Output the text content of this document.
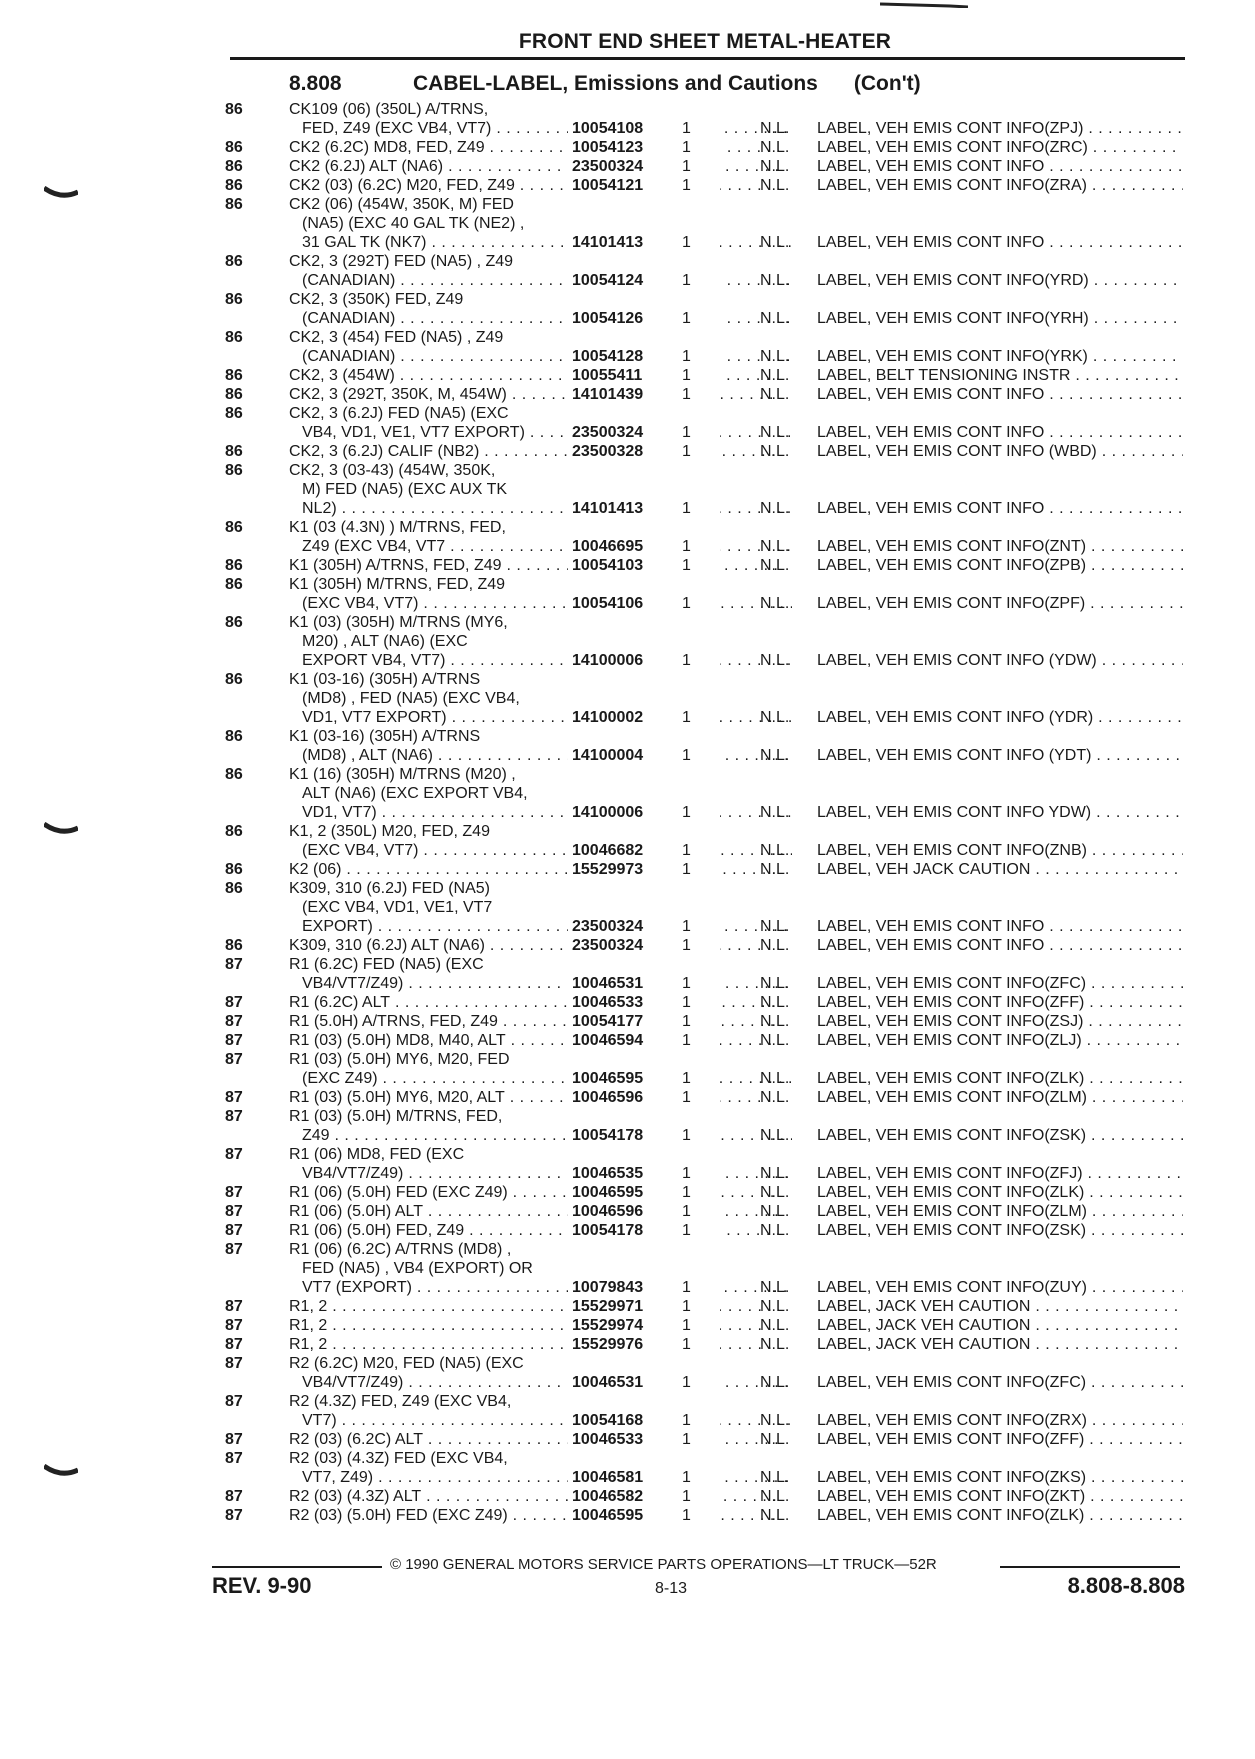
FRONT END SHEET METAL-HEATER
8.808	CABEL-LABEL, Emissions and Cautions (Con't)
86	CK109 (06) (350L) A/TRNS,
FED, Z49 (EXC VB4, VT7) . . .	10054108	1	N.L. LABEL, VEH EMIS CONT INFO(ZPJ) . . .
86	CK2 (6.2C) MD8, FED, Z49 . . .	10054123	1	N.L. LABEL, VEH EMIS CONT INFO(ZRC) . . .
86	CK2 (6.2J) ALT (NA6) . . .	23500324	1	N.L. LABEL, VEH EMIS CONT INFO . . .
86	CK2 (03) (6.2C) M20, FED, Z49 . . .	10054121	1	N.L. LABEL, VEH EMIS CONT INFO(ZRA) . . .
86	CK2 (06) (454W, 350K, M) FED
(NA5) (EXC 40 GAL TK (NE2) ,
31 GAL TK (NK7) . . .	14101413	1	N.L. LABEL, VEH EMIS CONT INFO . . .
86	CK2, 3 (292T) FED (NA5) , Z49
(CANADIAN) . . .	10054124	1	N.L. LABEL, VEH EMIS CONT INFO(YRD) . . .
86	CK2, 3 (350K) FED, Z49
(CANADIAN) . . .	10054126	1	N.L. LABEL, VEH EMIS CONT INFO(YRH) . . .
86	CK2, 3 (454) FED (NA5) , Z49
(CANADIAN) . . .	10054128	1	N.L. LABEL, VEH EMIS CONT INFO(YRK) . . .
86	CK2, 3 (454W) . . .	10055411	1	N.L. LABEL, BELT TENSIONING INSTR . . .
86	CK2, 3 (292T, 350K, M, 454W) . . .	14101439	1	N.L. LABEL, VEH EMIS CONT INFO . . .
86	CK2, 3 (6.2J) FED (NA5) (EXC
VB4, VD1, VE1, VT7 EXPORT) . . .	23500324	1	N.L. LABEL, VEH EMIS CONT INFO . . .
86	CK2, 3 (6.2J) CALIF (NB2) . . .	23500328	1	N.L. LABEL, VEH EMIS CONT INFO (WBD) . . .
86	CK2, 3 (03-43) (454W, 350K,
M) FED (NA5) (EXC AUX TK
NL2) . . .	14101413	1	N.L. LABEL, VEH EMIS CONT INFO . . .
86	K1 (03 (4.3N) ) M/TRNS, FED,
Z49 (EXC VB4, VT7 . . .	10046695	1	N.L. LABEL, VEH EMIS CONT INFO(ZNT) . . .
86	K1 (305H) A/TRNS, FED, Z49 . . .	10054103	1	N.L. LABEL, VEH EMIS CONT INFO(ZPB) . . .
86	K1 (305H) M/TRNS, FED, Z49
(EXC VB4, VT7) . . .	10054106	1	N.L. LABEL, VEH EMIS CONT INFO(ZPF) . . .
86	K1 (03) (305H) M/TRNS (MY6,
M20) , ALT (NA6) (EXC
EXPORT VB4, VT7) . . .	14100006	1	N.L. LABEL, VEH EMIS CONT INFO (YDW) . . .
86	K1 (03-16) (305H) A/TRNS
(MD8) , FED (NA5) (EXC VB4,
VD1, VT7 EXPORT) . . .	14100002	1	N.L. LABEL, VEH EMIS CONT INFO (YDR) . . .
86	K1 (03-16) (305H) A/TRNS
(MD8) , ALT (NA6) . . .	14100004	1	N.L. LABEL, VEH EMIS CONT INFO (YDT) . . .
86	K1 (16) (305H) M/TRNS (M20) ,
ALT (NA6) (EXC EXPORT VB4,
VD1, VT7) . . .	14100006	1	N.L. LABEL, VEH EMIS CONT INFO YDW) . . .
86	K1, 2 (350L) M20, FED, Z49
(EXC VB4, VT7) . . .	10046682	1	N.L. LABEL, VEH EMIS CONT INFO(ZNB) . . .
86	K2 (06) . . .	15529973	1	N.L. LABEL, VEH JACK CAUTION . . .
86	K309, 310 (6.2J) FED (NA5)
(EXC VB4, VD1, VE1, VT7
EXPORT) . . .	23500324	1	N.L. LABEL, VEH EMIS CONT INFO . . .
86	K309, 310 (6.2J) ALT (NA6) . . .	23500324	1	N.L. LABEL, VEH EMIS CONT INFO . . .
87	R1 (6.2C) FED (NA5) (EXC
VB4/VT7/Z49) . . .	10046531	1	N.L. LABEL, VEH EMIS CONT INFO(ZFC) . . .
87	R1 (6.2C) ALT . . .	10046533	1	N.L. LABEL, VEH EMIS CONT INFO(ZFF) . . .
87	R1 (5.0H) A/TRNS, FED, Z49 . . .	10054177	1	N.L. LABEL, VEH EMIS CONT INFO(ZSJ) . . .
87	R1 (03) (5.0H) MD8, M40, ALT . . .	10046594	1	N.L. LABEL, VEH EMIS CONT INFO(ZLJ) . . .
87	R1 (03) (5.0H) MY6, M20, FED
(EXC Z49) . . .	10046595	1	N.L. LABEL, VEH EMIS CONT INFO(ZLK) . . .
87	R1 (03) (5.0H) MY6, M20, ALT . . .	10046596	1	N.L. LABEL, VEH EMIS CONT INFO(ZLM) . . .
87	R1 (03) (5.0H) M/TRNS, FED,
Z49 . . .	10054178	1	N.L. LABEL, VEH EMIS CONT INFO(ZSK) . . .
87	R1 (06) MD8, FED (EXC
VB4/VT7/Z49) . . .	10046535	1	N.L. LABEL, VEH EMIS CONT INFO(ZFJ) . . .
87	R1 (06) (5.0H) FED (EXC Z49) . . .	10046595	1	N.L. LABEL, VEH EMIS CONT INFO(ZLK) . . .
87	R1 (06) (5.0H) ALT . . .	10046596	1	N.L. LABEL, VEH EMIS CONT INFO(ZLM) . . .
87	R1 (06) (5.0H) FED, Z49 . . .	10054178	1	N.L. LABEL, VEH EMIS CONT INFO(ZSK) . . .
87	R1 (06) (6.2C) A/TRNS (MD8) ,
FED (NA5) , VB4 (EXPORT) OR
VT7 (EXPORT) . . .	10079843	1	N.L. LABEL, VEH EMIS CONT INFO(ZUY) . . .
87	R1, 2 . . .	15529971	1	N.L. LABEL, JACK VEH CAUTION . . .
87	R1, 2 . . .	15529974	1	N.L. LABEL, JACK VEH CAUTION . . .
87	R1, 2 . . .	15529976	1	N.L. LABEL, JACK VEH CAUTION . . .
87	R2 (6.2C) M20, FED (NA5) (EXC
VB4/VT7/Z49) . . .	10046531	1	N.L. LABEL, VEH EMIS CONT INFO(ZFC) . . .
87	R2 (4.3Z) FED, Z49 (EXC VB4,
VT7) . . .	10054168	1	N.L. LABEL, VEH EMIS CONT INFO(ZRX) . . .
87	R2 (03) (6.2C) ALT . . .	10046533	1	N.L. LABEL, VEH EMIS CONT INFO(ZFF) . . .
87	R2 (03) (4.3Z) FED (EXC VB4,
VT7, Z49) . . .	10046581	1	N.L. LABEL, VEH EMIS CONT INFO(ZKS) . . .
87	R2 (03) (4.3Z) ALT . . .	10046582	1	N.L. LABEL, VEH EMIS CONT INFO(ZKT) . . .
87	R2 (03) (5.0H) FED (EXC Z49) . . .	10046595	1	N.L. LABEL, VEH EMIS CONT INFO(ZLK) . . .
© 1990 GENERAL MOTORS SERVICE PARTS OPERATIONS—LT TRUCK—52R
REV. 9-90	8-13	8.808-8.808
